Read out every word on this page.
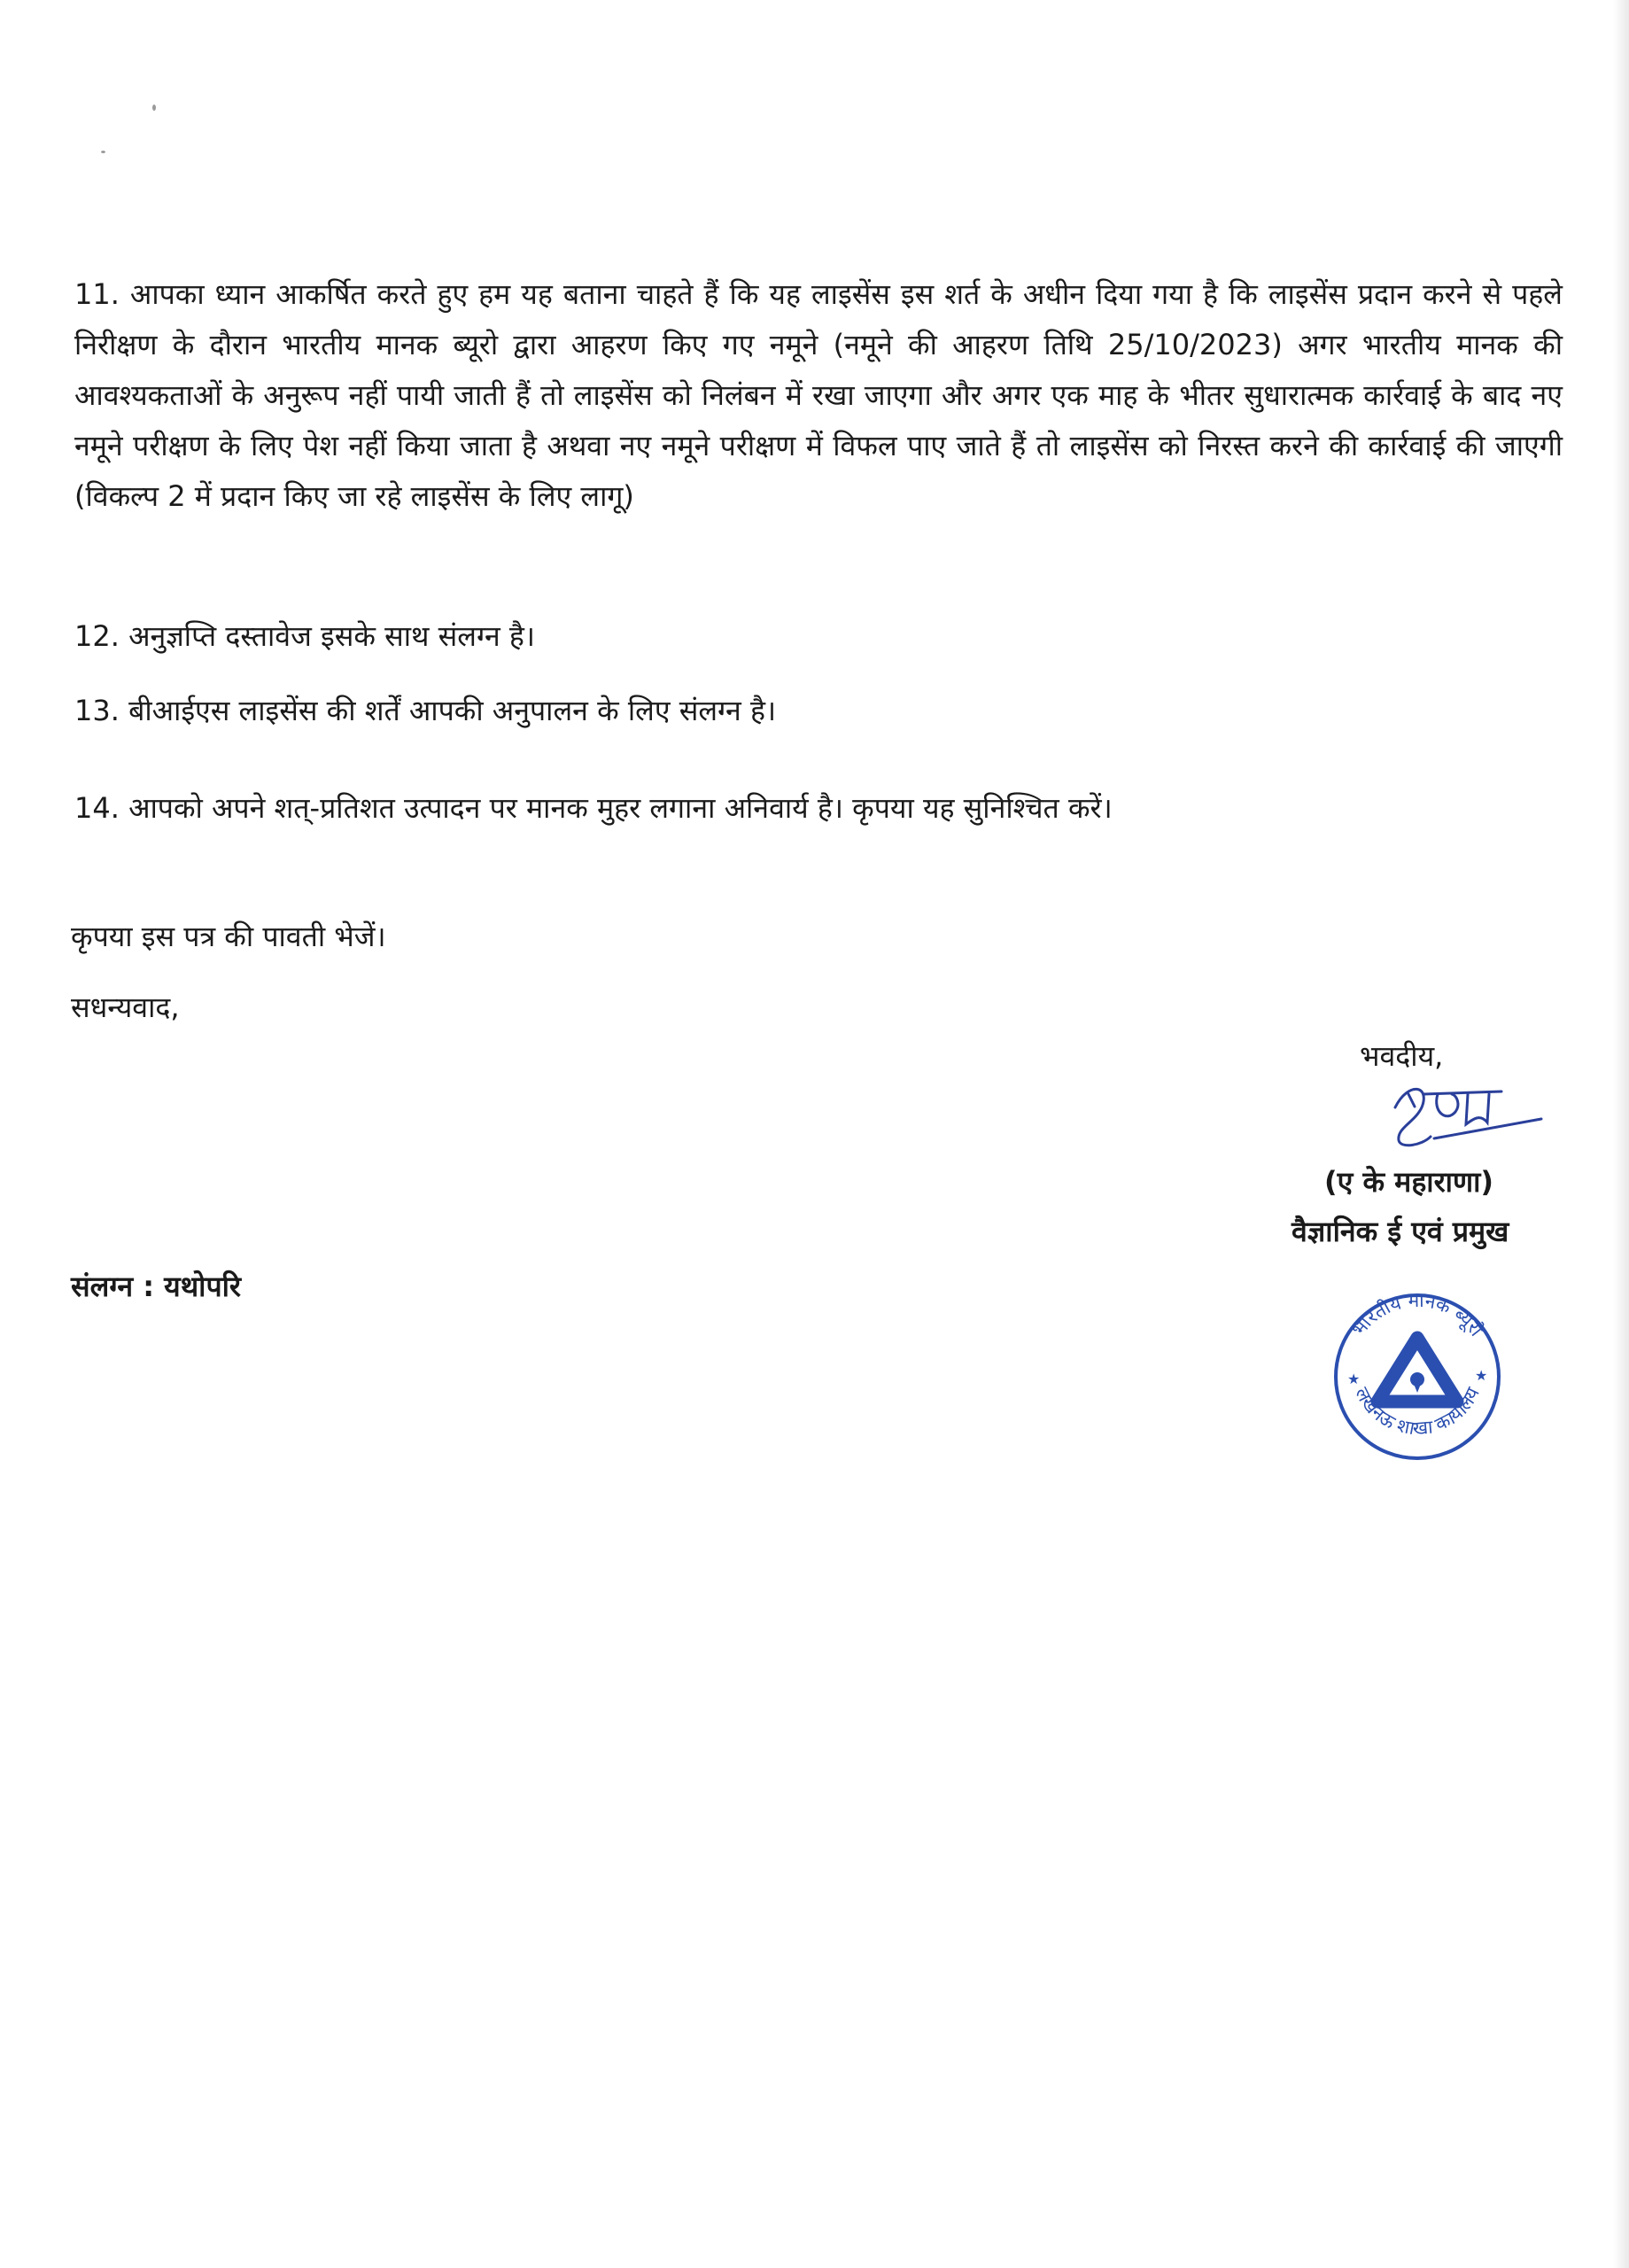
11. आपका ध्यान आकर्षित करते हुए हम यह बताना चाहते हैं कि यह लाइसेंस इस शर्त के अधीन दिया गया है कि लाइसेंस प्रदान करने से पहले निरीक्षण के दौरान भारतीय मानक ब्यूरो द्वारा आहरण किए गए नमूने (नमूने की आहरण तिथि 25/10/2023) अगर भारतीय मानक की आवश्यकताओं के अनुरूप नहीं पायी जाती हैं तो लाइसेंस को निलंबन में रखा जाएगा और अगर एक माह के भीतर सुधारात्मक कार्रवाई के बाद नए नमूने परीक्षण के लिए पेश नहीं किया जाता है अथवा नए नमूने परीक्षण में विफल पाए जाते हैं तो लाइसेंस को निरस्त करने की कार्रवाई की जाएगी (विकल्प 2 में प्रदान किए जा रहे लाइसेंस के लिए लागू)

12. अनुज्ञप्ति दस्तावेज इसके साथ संलग्न है।

13. बीआईएस लाइसेंस की शर्तें आपकी अनुपालन के लिए संलग्न है।

14. आपको अपने शत्-प्रतिशत उत्पादन पर मानक मुहर लगाना अनिवार्य है। कृपया यह सुनिश्चित करें।

कृपया इस पत्र की पावती भेजें।

सधन्यवाद,

भवदीय,

(ए के महाराणा)

वैज्ञानिक ई एवं प्रमुख

भारतीय मानक ब्यूरो
लखनऊ शाखा कार्यालय
★	★

संलग्न : यथोपरि
